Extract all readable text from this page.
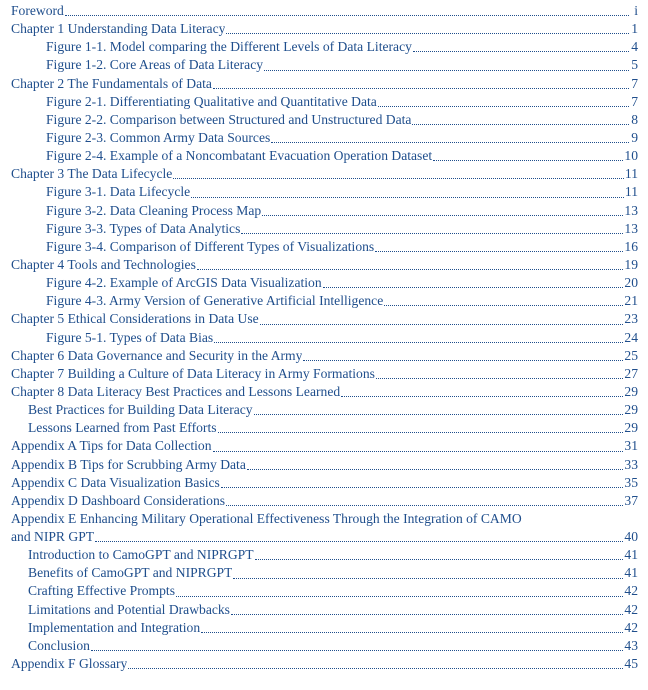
Foreword	i
Chapter 1 Understanding Data Literacy	1
Figure 1-1. Model comparing the Different Levels of Data Literacy	4
Figure 1-2. Core Areas of Data Literacy	5
Chapter 2 The Fundamentals of Data	7
Figure 2-1. Differentiating Qualitative and Quantitative Data	7
Figure 2-2. Comparison between Structured and Unstructured Data	8
Figure 2-3. Common Army Data Sources	9
Figure 2-4. Example of a Noncombatant Evacuation Operation Dataset	10
Chapter 3 The Data Lifecycle	11
Figure 3-1. Data Lifecycle	11
Figure 3-2. Data Cleaning Process Map	13
Figure 3-3. Types of Data Analytics	13
Figure 3-4. Comparison of Different Types of Visualizations	16
Chapter 4 Tools and Technologies	19
Figure 4-2. Example of ArcGIS Data Visualization	20
Figure 4-3. Army Version of Generative Artificial Intelligence	21
Chapter 5 Ethical Considerations in Data Use	23
Figure 5-1. Types of Data Bias	24
Chapter 6 Data Governance and Security in the Army	25
Chapter 7 Building a Culture of Data Literacy in Army Formations	27
Chapter 8 Data Literacy Best Practices and Lessons Learned	29
Best Practices for Building Data Literacy	29
Lessons Learned from Past Efforts	29
Appendix A Tips for Data Collection	31
Appendix B Tips for Scrubbing Army Data	33
Appendix C Data Visualization Basics	35
Appendix D Dashboard Considerations	37
Appendix E Enhancing Military Operational Effectiveness Through the Integration of CAMO
and NIPR GPT	40
Introduction to CamoGPT and NIPRGPT	41
Benefits of CamoGPT and NIPRGPT	41
Crafting Effective Prompts	42
Limitations and Potential Drawbacks	42
Implementation and Integration	42
Conclusion	43
Appendix F Glossary	45
